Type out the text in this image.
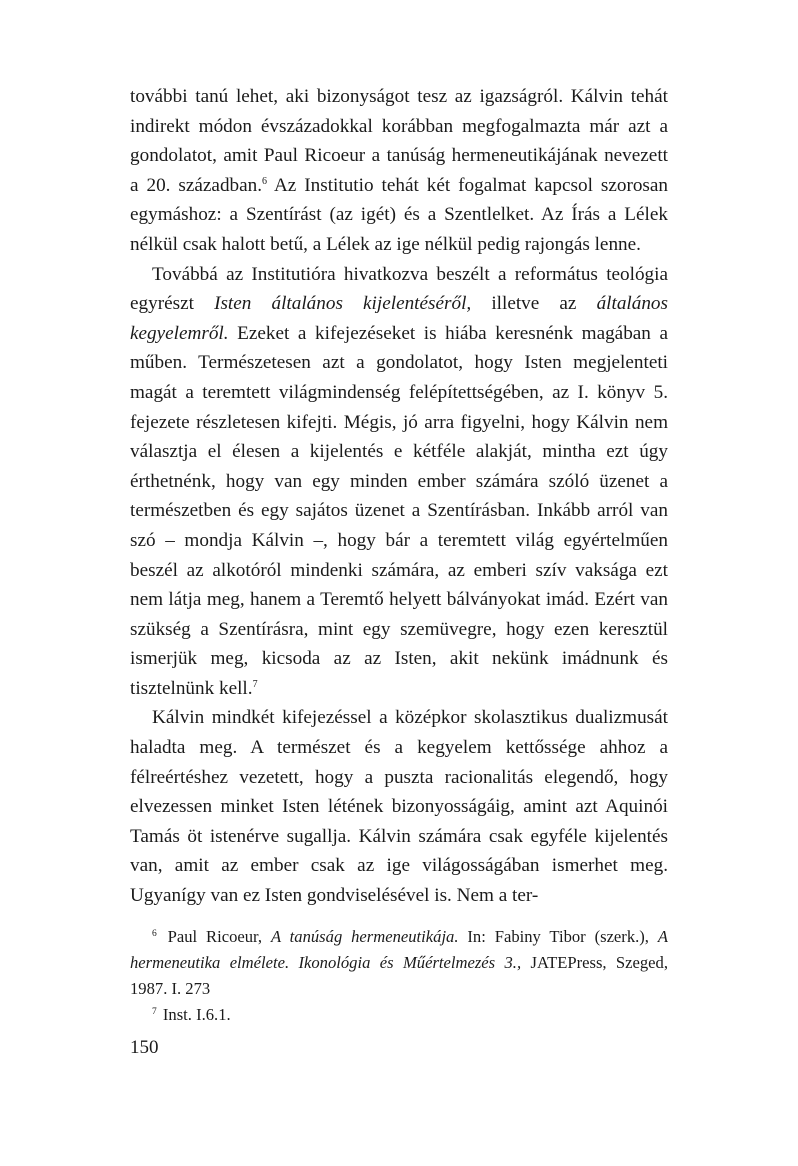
további tanú lehet, aki bizonyságot tesz az igazságról. Kálvin tehát indirekt módon évszázadokkal korábban megfogalmazta már azt a gondolatot, amit Paul Ricoeur a tanúság hermeneutikájának nevezett a 20. században.$^6$ Az Institutio tehát két fogalmat kapcsol szorosan egymáshoz: a Szentírást (az igét) és a Szentlelket. Az Írás a Lélek nélkül csak halott betű, a Lélek az ige nélkül pedig rajongás lenne.

Továbbá az Institutióra hivatkozva beszélt a református teológia egyrészt Isten általános kijelentéséről, illetve az általános kegyelemről. Ezeket a kifejezéseket is hiába keresnénk magában a műben. Természetesen azt a gondolatot, hogy Isten megjelenteti magát a teremtett világmindenség felépítettségében, az I. könyv 5. fejezete részletesen kifejti. Mégis, jó arra figyelni, hogy Kálvin nem választja el élesen a kijelentés e kétféle alakját, mintha ezt úgy érthetnénk, hogy van egy minden ember számára szóló üzenet a természetben és egy sajátos üzenet a Szentírásban. Inkább arról van szó – mondja Kálvin –, hogy bár a teremtett világ egyértelműen beszél az alkotóról mindenki számára, az emberi szív vaksága ezt nem látja meg, hanem a Teremtő helyett bálványokat imád. Ezért van szükség a Szentírásra, mint egy szemüvegre, hogy ezen keresztül ismerjük meg, kicsoda az az Isten, akit nekünk imádnunk és tisztelnünk kell.$^7$

Kálvin mindkét kifejezéssel a középkor skolasztikus dualizmusát haladta meg. A természet és a kegyelem kettőssége ahhoz a félreértéshez vezetett, hogy a puszta racionalitás elegendő, hogy elvezessen minket Isten létének bizonyosságáig, amint azt Aquinói Tamás öt istenérve sugallja. Kálvin számára csak egyféle kijelentés van, amit az ember csak az ige világosságában ismerhet meg. Ugyanígy van ez Isten gondviselésével is. Nem a ter-

$^6$ Paul Ricoeur, A tanúság hermeneutikája. In: Fabiny Tibor (szerk.), A hermeneutika elmélete. Ikonológia és Műértelmezés 3., JATEPress, Szeged, 1987. I. 273

$^7$ Inst. I.6.1.

150
